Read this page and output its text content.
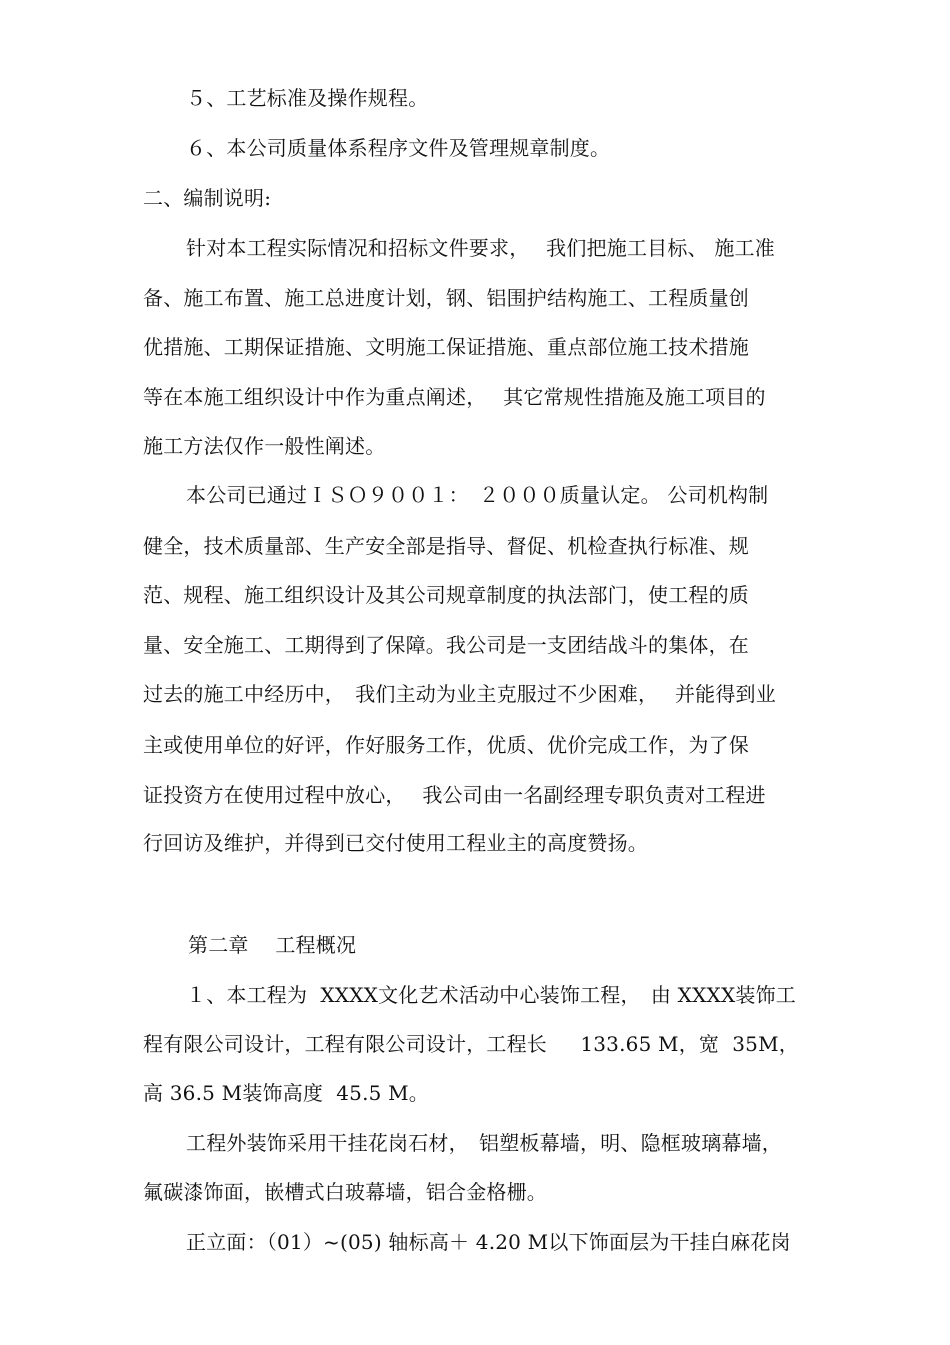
５、工艺标准及操作规程。
６、本公司质量体系程序文件及管理规章制度。
二、编制说明:
针对本工程实际情况和招标文件要求，　 我们把施工目标、 施工准
备、施工布置、施工总进度计划，钢、铝围护结构施工、工程质量创
优措施、工期保证措施、文明施工保证措施、重点部位施工技术措施
等在本施工组织设计中作为重点阐述，　 其它常规性措施及施工项目的
施工方法仅作一般性阐述。
本公司已通过ＩＳＯ９００１：　２０００质量认定。 公司机构制
健全，技术质量部、生产安全部是指导、督促、机检查执行标准、规
范、规程、施工组织设计及其公司规章制度的执法部门，使工程的质
量、安全施工、工期得到了保障。我公司是一支团结战斗的集体，在
过去的施工中经历中，　我们主动为业主克服过不少困难，　 并能得到业
主或使用单位的好评，作好服务工作，优质、优价完成工作，为了保
证投资方在使用过程中放心，　 我公司由一名副经理专职负责对工程进
行回访及维护，并得到已交付使用工程业主的高度赞扬。
第二章　 工程概况
１、本工程为  XXXX文化艺术活动中心装饰工程，　由 XXXX装饰工
程有限公司设计，工程有限公司设计，工程长　  133.65 M，宽  35M，
高 36.5 M装饰高度  45.5 M。
工程外装饰采用干挂花岗石材，　铝塑板幕墙，明、隐框玻璃幕墙，
氟碳漆饰面，嵌槽式白玻幕墙，铝合金格栅。
正立面：（01）~(05) 轴标高＋ 4.20 M以下饰面层为干挂白麻花岗
